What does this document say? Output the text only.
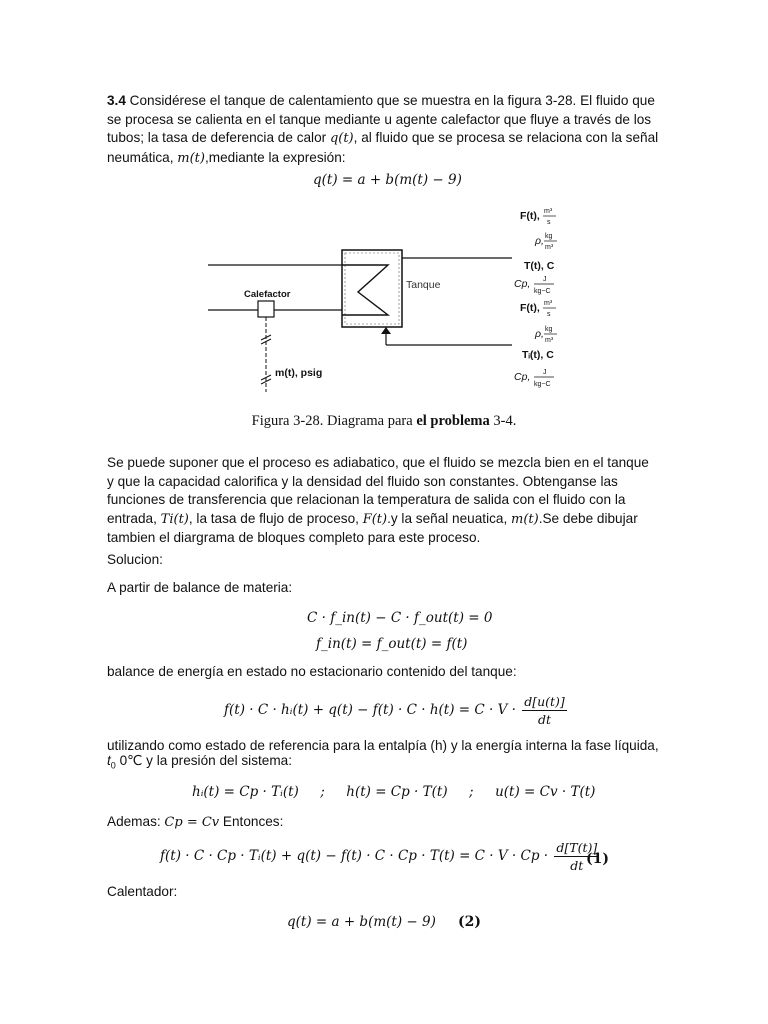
3.4 Considérese el tanque de calentamiento que se muestra en la figura 3-28. El fluido que
se procesa se calienta en el tanque mediante u agente calefactor que fluye a través de los
tubos; la tasa de deferencia de calor q(t), al fluido que se procesa se relaciona con la señal
neumática, m(t),mediante la expresión:

q(t) = a + b(m(t) − 9)
Calefactor
Tanque
m(t), psig
F(t), m³
s
ρ, kg
m³
T(t), C
Cp, J
kg−C
F(t), m³
s
ρ, kg
m³
Tᵢ(t), C
Cp, J
kg−C
Figura 3-28. Diagrama para el problema 3-4.

Se puede suponer que el proceso es adiabatico, que el fluido se mezcla bien en el tanque
y que la capacidad calorifica y la densidad del fluido son constantes. Obtenganse las
funciones de transferencia que relacionan la temperatura de salida con el fluido con la
entrada, Ti(t), la tasa de flujo de proceso, F(t).y la señal neuatica, m(t).Se debe dibujar
tambien el diargrama de bloques completo para este proceso.

Solucion:
A partir de balance de materia:
C · f_in(t) − C · f_out(t) = 0
f_in(t) = f_out(t) = f(t)
balance de energía en estado no estacionario contenido del tanque:
f(t) · C · hᵢ(t) + $q(t) - f(t) \cdot C \cdot h(t) = C \cdot V \cdot \frac{d[u(t)]}{dt}$
utilizando como estado de referencia para la entalpía (h) y la energía interna la fase líquida,
$t_0$ 0℃ y la presión del sistema:
hᵢ(t) = Cp · Tᵢ(t)     ;     h(t) = Cp · T(t)     ;     u(t) = Cv · T(t)
Ademas: Cp = Cv Entonces:
f(t) · C · Cp · Tᵢ(t) + $q(t) - f(t) \cdot C \cdot Cp \cdot T(t) = C \cdot V \cdot Cp \cdot \frac{d[T(t)]}{dt}$
(1)
Calentador:
q(t) = a + b(m(t) − 9) (2)
